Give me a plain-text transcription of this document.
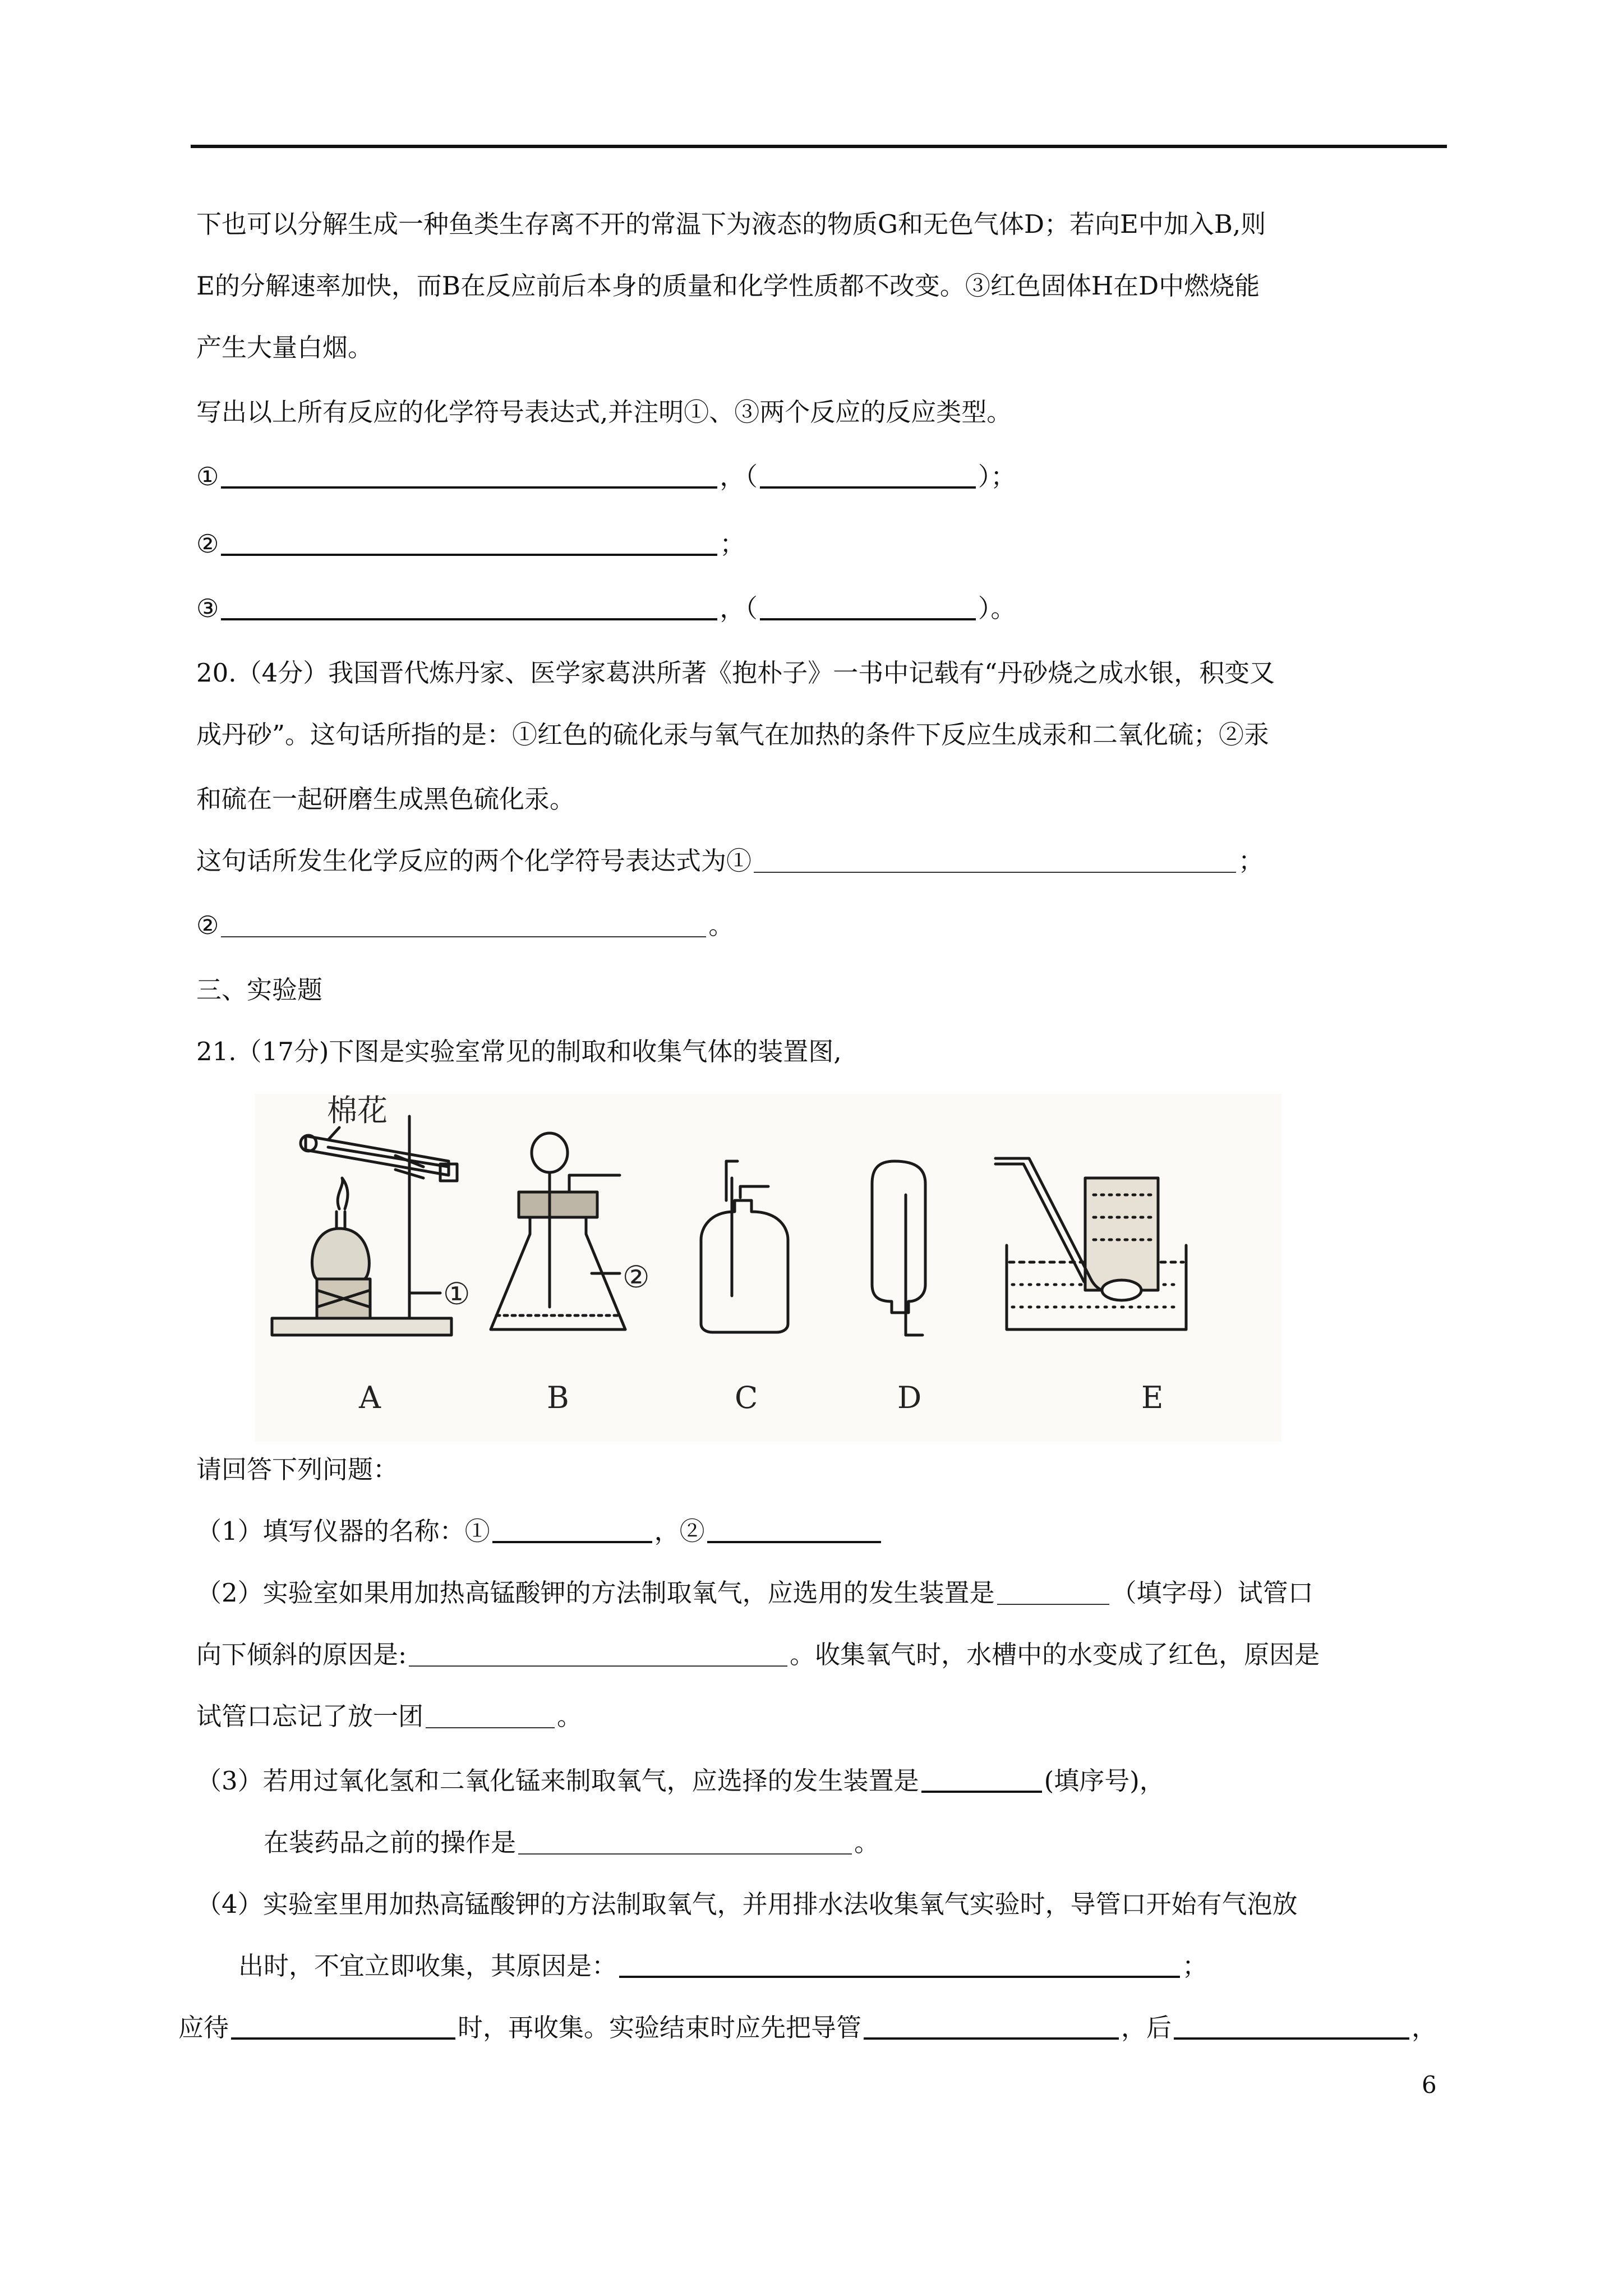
下也可以分解生成一种鱼类生存离不开的常温下为液态的物质G和无色气体D；若向E中加入B,则
E的分解速率加快，而B在反应前后本身的质量和化学性质都不改变。③红色固体H在D中燃烧能
产生大量白烟。
写出以上所有反应的化学符号表达式,并注明①、③两个反应的反应类型。
①	，（	）；
②	；
③	，（	）。
20.（4分）我国晋代炼丹家、医学家葛洪所著《抱朴子》一书中记载有“丹砂烧之成水银，积变又
成丹砂”。这句话所指的是：①红色的硫化汞与氧气在加热的条件下反应生成汞和二氧化硫；②汞
和硫在一起研磨生成黑色硫化汞。
这句话所发生化学反应的两个化学符号表达式为①	；
②	。
三、实验题
21.（17分)下图是实验室常见的制取和收集气体的装置图,
棉花
①	②
A	B	C	D	E
请回答下列问题：
（1）填写仪器的名称：①	，②
（2）实验室如果用加热高锰酸钾的方法制取氧气，应选用的发生装置是	（填字母）试管口
向下倾斜的原因是:	。收集氧气时，水槽中的水变成了红色，原因是
试管口忘记了放一团	。
（3）若用过氧化氢和二氧化锰来制取氧气，应选择的发生装置是	(填序号)，
在装药品之前的操作是	。
（4）实验室里用加热高锰酸钾的方法制取氧气，并用排水法收集氧气实验时，导管口开始有气泡放
出时，不宜立即收集，其原因是：	；
应待	时，再收集。实验结束时应先把导管	，后	，
6
